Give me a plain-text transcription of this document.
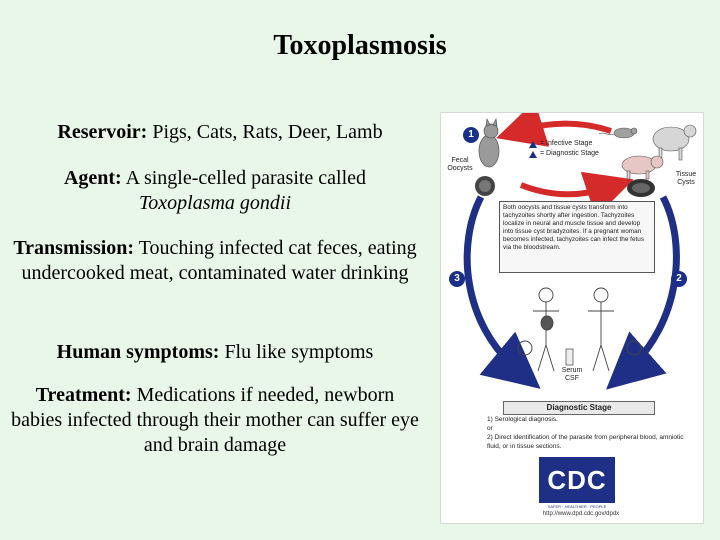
Toxoplasmosis
Reservoir: Pigs, Cats, Rats, Deer, Lamb
Agent: A single-celled parasite called
Toxoplasma gondii
Transmission: Touching infected cat feces, eating undercooked meat, contaminated water drinking
Human symptoms: Flu like symptoms
Treatment: Medications if needed, newborn babies infected through their mother can suffer eye and brain damage
1
2
3
= Infective Stage
= Diagnostic Stage
Fecal Oocysts
Tissue Cysts
Serum CSF
Both oocysts and tissue cysts transform into tachyzoites shortly after ingestion. Tachyzoites localize in neural and muscle tissue and develop into tissue cyst bradyzoites. If a pregnant woman becomes infected, tachyzoites can infect the fetus via the bloodstream.
Diagnostic Stage
1) Serological diagnosis.
or
2) Direct identification of the parasite from peripheral blood, amniotic fluid, or in tissue sections.
CDC
SAFER · HEALTHIER · PEOPLE
http://www.dpd.cdc.gov/dpdx
